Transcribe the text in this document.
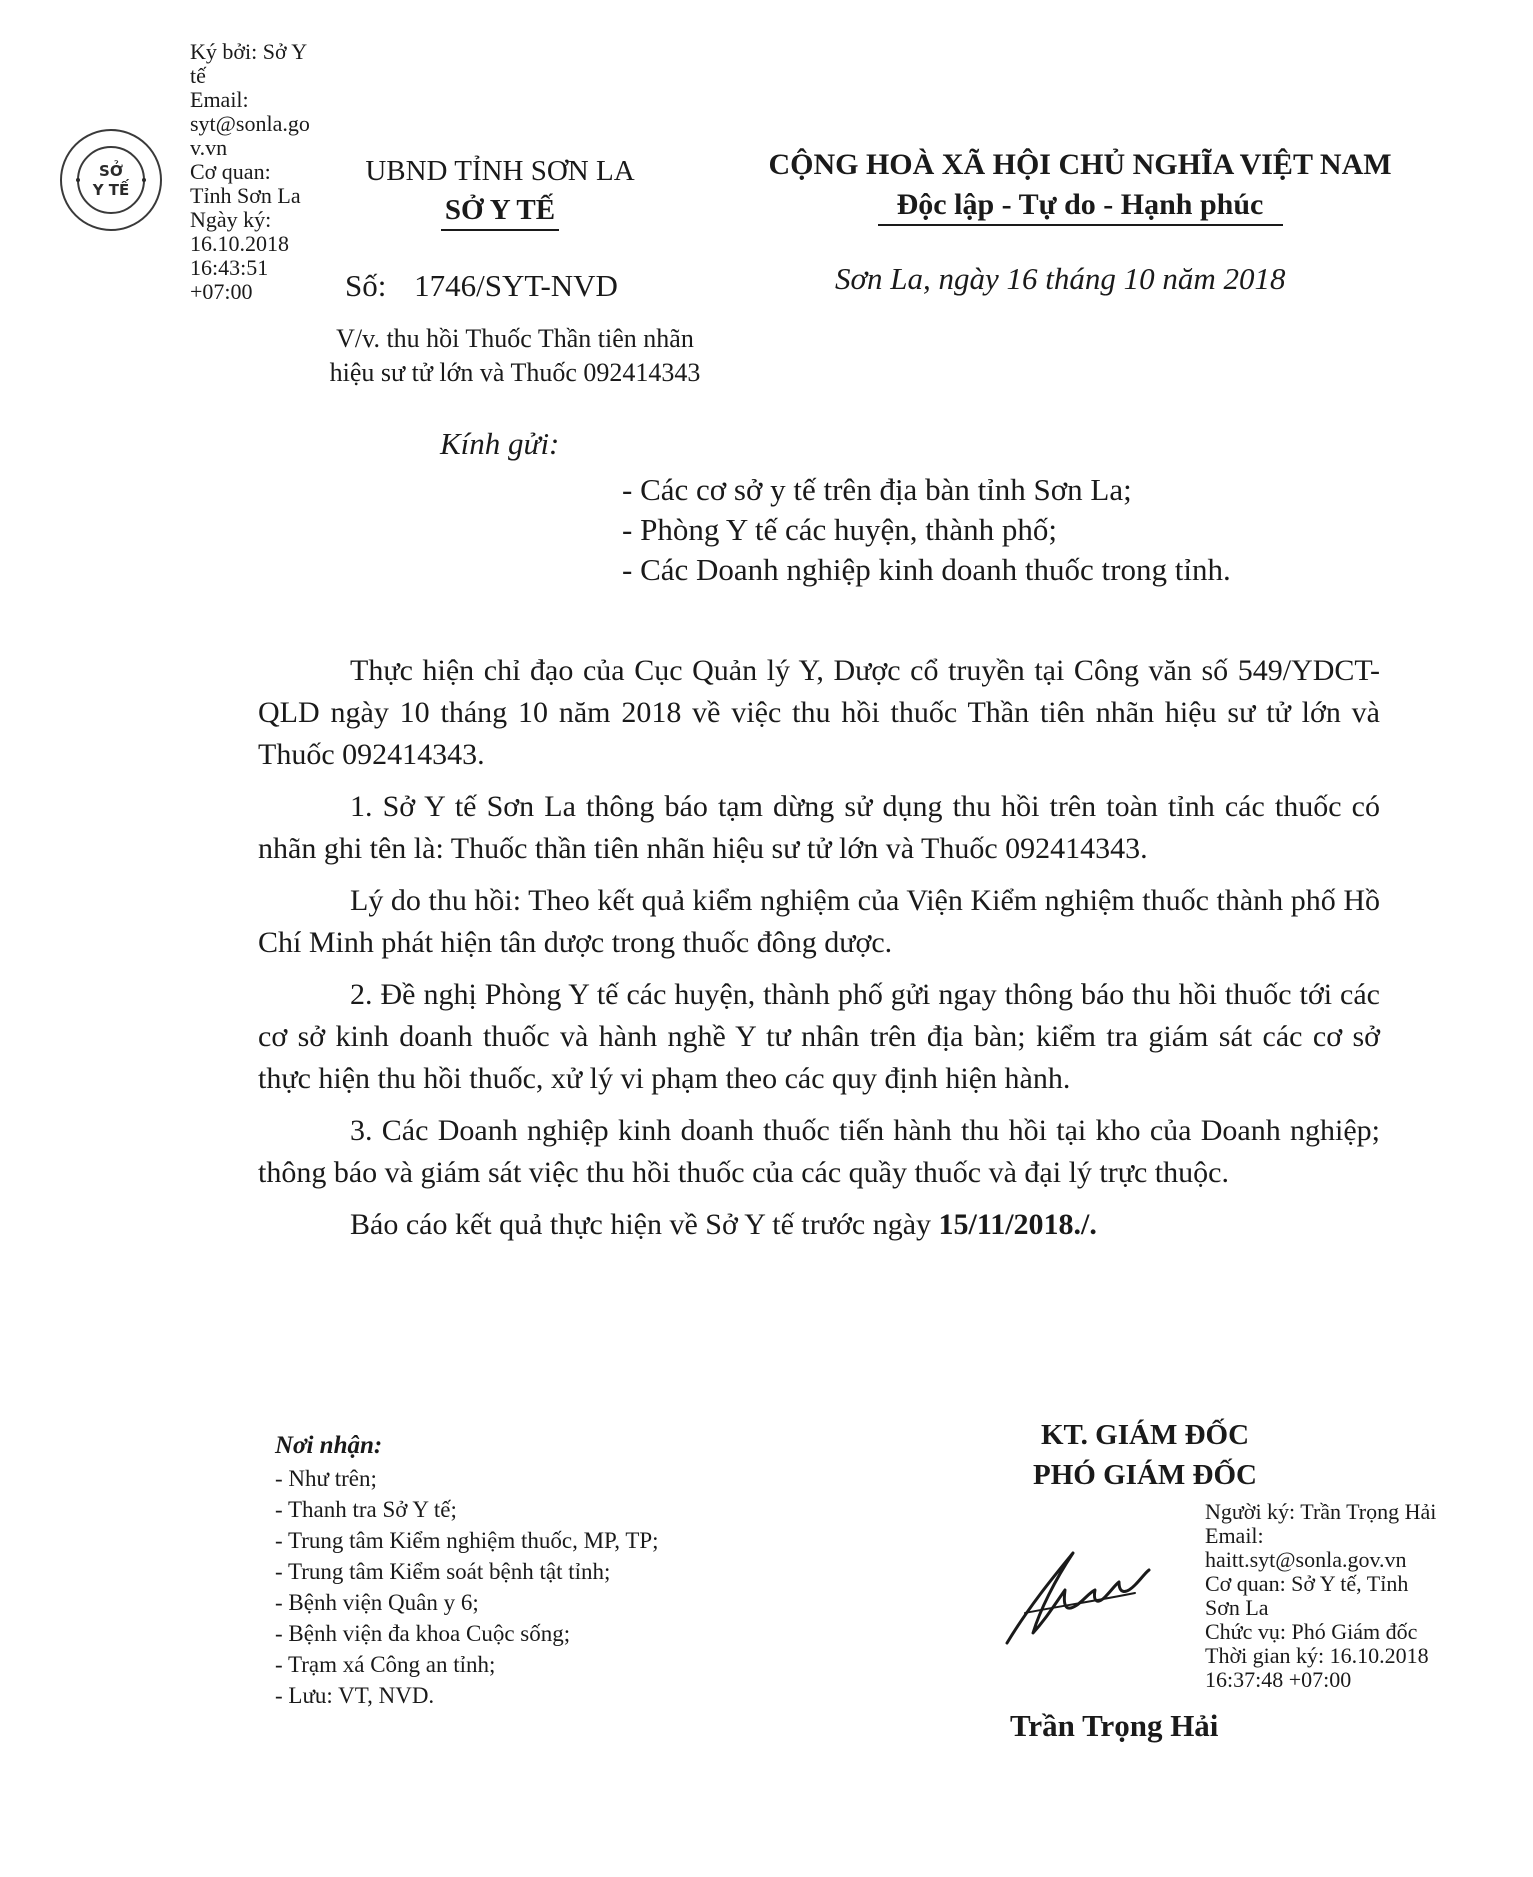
Ký bởi: Sở Y
tế
Email:
syt@sonla.go
v.vn
Cơ quan:
Tỉnh Sơn La
Ngày ký:
16.10.2018
16:43:51
+07:00
SỞ
Y TẾ
UBND TỈNH SƠN LA
SỞ Y TẾ
CỘNG HOÀ XÃ HỘI CHỦ NGHĨA VIỆT NAM
Độc lập - Tự do - Hạnh phúc
Số: 1746/SYT-NVD	Sơn La, ngày 16 tháng 10 năm 2018
V/v. thu hồi Thuốc Thần tiên nhãn
hiệu sư tử lớn và Thuốc 092414343
Kính gửi:
- Các cơ sở y tế trên địa bàn tỉnh Sơn La;
- Phòng Y tế các huyện, thành phố;
- Các Doanh nghiệp kinh doanh thuốc trong tỉnh.
Thực hiện chỉ đạo của Cục Quản lý Y, Dược cổ truyền tại Công văn số 549/YDCT-QLD ngày 10 tháng 10 năm 2018 về việc thu hồi thuốc Thần tiên nhãn hiệu sư tử lớn và Thuốc 092414343.
1. Sở Y tế Sơn La thông báo tạm dừng sử dụng thu hồi trên toàn tỉnh các thuốc có nhãn ghi tên là: Thuốc thần tiên nhãn hiệu sư tử lớn và Thuốc 092414343.
Lý do thu hồi: Theo kết quả kiểm nghiệm của Viện Kiểm nghiệm thuốc thành phố Hồ Chí Minh phát hiện tân dược trong thuốc đông dược.
2. Đề nghị Phòng Y tế các huyện, thành phố gửi ngay thông báo thu hồi thuốc tới các cơ sở kinh doanh thuốc và hành nghề Y tư nhân trên địa bàn; kiểm tra giám sát các cơ sở thực hiện thu hồi thuốc, xử lý vi phạm theo các quy định hiện hành.
3. Các Doanh nghiệp kinh doanh thuốc tiến hành thu hồi tại kho của Doanh nghiệp; thông báo và giám sát việc thu hồi thuốc của các quầy thuốc và đại lý trực thuộc.
Báo cáo kết quả thực hiện về Sở Y tế trước ngày 15/11/2018./.
Nơi nhận:
- Như trên;
- Thanh tra Sở Y tế;
- Trung tâm Kiểm nghiệm thuốc, MP, TP;
- Trung tâm Kiểm soát bệnh tật tỉnh;
- Bệnh viện Quân y 6;
- Bệnh viện đa khoa Cuộc sống;
- Trạm xá Công an tỉnh;
- Lưu: VT, NVD.
KT. GIÁM ĐỐC
PHÓ GIÁM ĐỐC
Người ký: Trần Trọng Hải
Email:
haitt.syt@sonla.gov.vn
Cơ quan: Sở Y tế, Tỉnh
Sơn La
Chức vụ: Phó Giám đốc
Thời gian ký: 16.10.2018
16:37:48 +07:00
Trần Trọng Hải
